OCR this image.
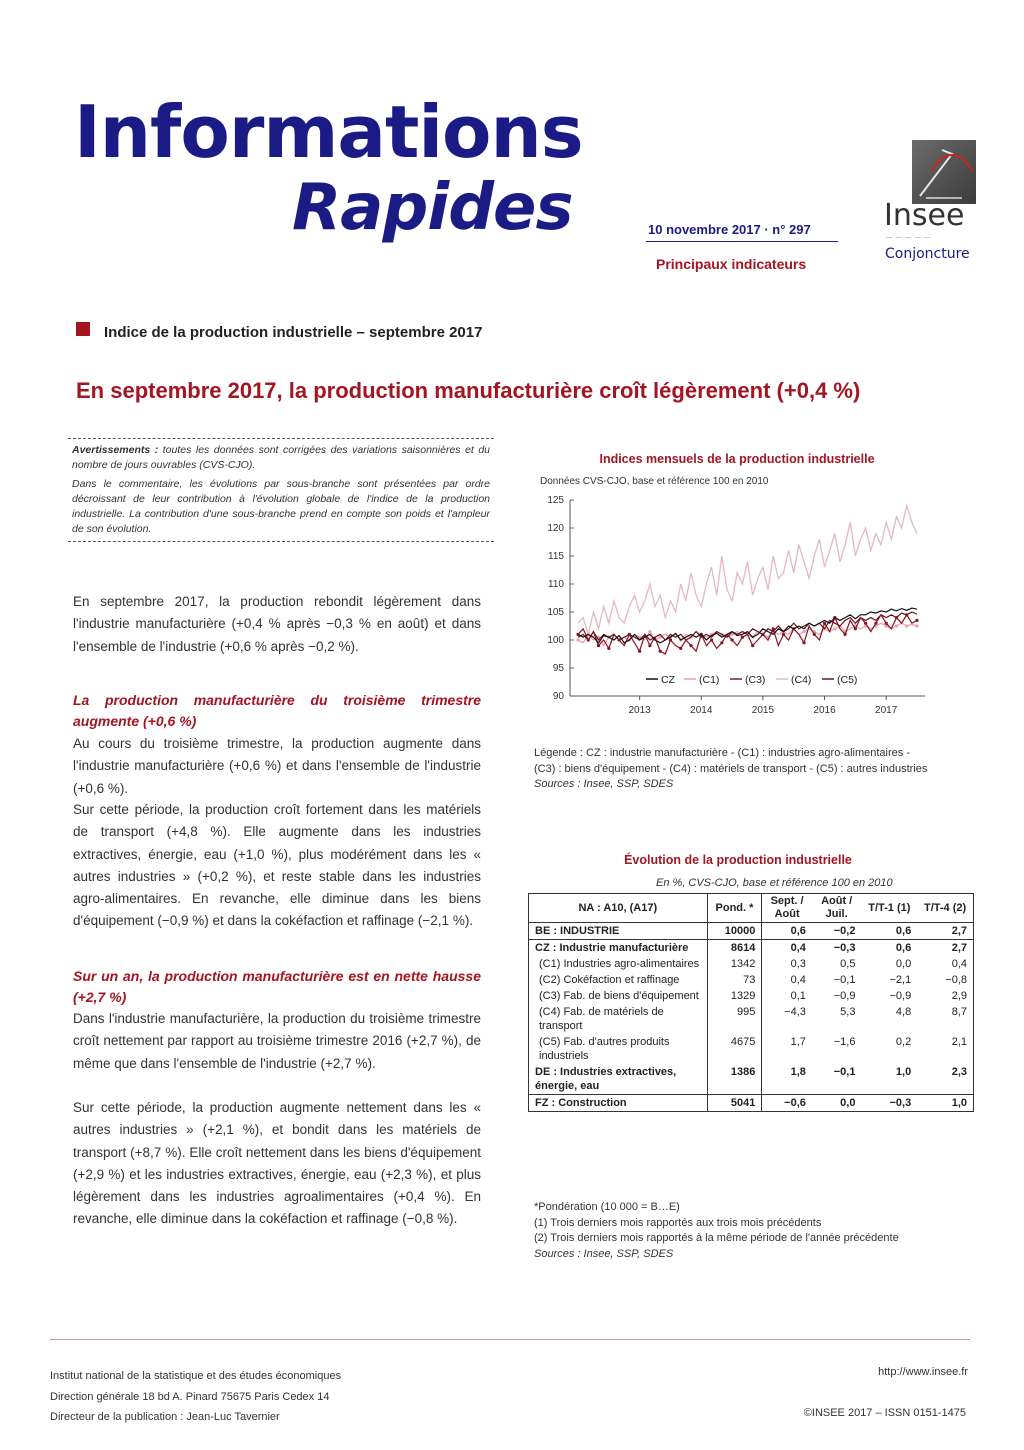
Informations
Rapides	10 novembre 2017 · n° 297
Principaux indicateurs
Insee
— — — — —
Conjoncture
Indice de la production industrielle – septembre 2017
En septembre 2017, la production manufacturière croît légèrement (+0,4 %)

Avertissements : toutes les données sont corrigées des variations saisonnières et du nombre de jours ouvrables (CVS-CJO).

Dans le commentaire, les évolutions par sous-branche sont présentées par ordre décroissant de leur contribution à l'évolution globale de l'indice de la production industrielle. La contribution d'une sous-branche prend en compte son poids et l'ampleur de son évolution.

En septembre 2017, la production rebondit légèrement dans l'industrie manufacturière (+0,4 % après −0,3 % en août) et dans l'ensemble de l'industrie (+0,6 % après −0,2 %).
La production manufacturière du troisième trimestre augmente (+0,6 %)
Au cours du troisième trimestre, la production augmente dans l'industrie manufacturière (+0,6 %) et dans l'ensemble de l'industrie (+0,6 %).
Sur cette période, la production croît fortement dans les matériels de transport (+4,8 %). Elle augmente dans les industries extractives, énergie, eau (+1,0 %), plus modérément dans les « autres industries » (+0,2 %), et reste stable dans les industries agro-alimentaires. En revanche, elle diminue dans les biens d'équipement (−0,9 %) et dans la cokéfaction et raffinage (−2,1 %).
Sur un an, la production manufacturière est en nette hausse (+2,7 %)
Dans l'industrie manufacturière, la production du troisième trimestre croît nettement par rapport au troisième trimestre 2016 (+2,7 %), de même que dans l'ensemble de l'industrie (+2,7 %).
Sur cette période, la production augmente nettement dans les « autres industries » (+2,1 %), et bondit dans les matériels de transport (+8,7 %). Elle croît nettement dans les biens d'équipement (+2,9 %) et les industries extractives, énergie, eau (+2,3 %), et plus légèrement dans les industries agroalimentaires (+0,4 %). En revanche, elle diminue dans la cokéfaction et raffinage (−0,8 %).
Indices mensuels de la production industrielle
Données CVS-CJO, base et référence 100 en 2010
125
120
115
110
105
100
95
90
2013	2014	2015	2016	2017
CZ (C1) (C3) (C4) (C5)
Légende : CZ : industrie manufacturière - (C1) : industries agro-alimentaires - (C3) : biens d'équipement - (C4) : matériels de transport - (C5) : autres industries
Sources : Insee, SSP, SDES
Évolution de la production industrielle
En %, CVS-CJO, base et référence 100 en 2010
NA : A10, (A17)	Pond. *	Sept. / Août	Août / Juil.	T/T-1 (1)	T/T-4 (2)
BE : INDUSTRIE	10000	0,6	−0,2	0,6	2,7
CZ : Industrie manufacturière	8614	0,4	−0,3	0,6	2,7
(C1) Industries agro-alimentaires	1342	0,3	0,5	0,0	0,4
(C2) Cokéfaction et raffinage	73	0,4	−0,1	−2,1	−0,8
(C3) Fab. de biens d'équipement	1329	0,1	−0,9	−0,9	2,9
(C4) Fab. de matériels de transport	995	−4,3	5,3	4,8	8,7
(C5) Fab. d'autres produits industriels	4675	1,7	−1,6	0,2	2,1
DE : Industries extractives, énergie, eau	1386	1,8	−0,1	1,0	2,3
FZ : Construction	5041	−0,6	0,0	−0,3	1,0
*Pondération (10 000 = B…E)
(1) Trois derniers mois rapportés aux trois mois précédents
(2) Trois derniers mois rapportés à la même période de l'année précédente
Sources : Insee, SSP, SDES
Institut national de la statistique et des études économiques
Direction générale 18 bd A. Pinard 75675 Paris Cedex 14
Directeur de la publication : Jean-Luc Tavernier
http://www.insee.fr
©INSEE 2017 – ISSN 0151-1475
